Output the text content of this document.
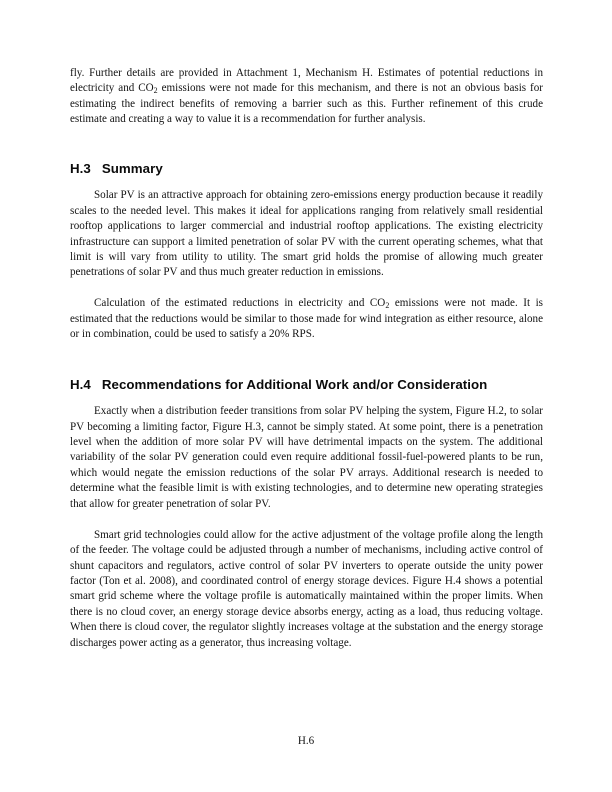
fly. Further details are provided in Attachment 1, Mechanism H. Estimates of potential reductions in electricity and $CO_2$ emissions were not made for this mechanism, and there is not an obvious basis for estimating the indirect benefits of removing a barrier such as this. Further refinement of this crude estimate and creating a way to value it is a recommendation for further analysis.

H.3 Summary

Solar PV is an attractive approach for obtaining zero-emissions energy production because it readily scales to the needed level. This makes it ideal for applications ranging from relatively small residential rooftop applications to larger commercial and industrial rooftop applications. The existing electricity infrastructure can support a limited penetration of solar PV with the current operating schemes, what that limit is will vary from utility to utility. The smart grid holds the promise of allowing much greater penetrations of solar PV and thus much greater reduction in emissions.

Calculation of the estimated reductions in electricity and $CO_2$ emissions were not made. It is estimated that the reductions would be similar to those made for wind integration as either resource, alone or in combination, could be used to satisfy a 20% RPS.

H.4 Recommendations for Additional Work and/or Consideration

Exactly when a distribution feeder transitions from solar PV helping the system, Figure H.2, to solar PV becoming a limiting factor, Figure H.3, cannot be simply stated. At some point, there is a penetration level when the addition of more solar PV will have detrimental impacts on the system. The additional variability of the solar PV generation could even require additional fossil-fuel-powered plants to be run, which would negate the emission reductions of the solar PV arrays. Additional research is needed to determine what the feasible limit is with existing technologies, and to determine new operating strategies that allow for greater penetration of solar PV.

Smart grid technologies could allow for the active adjustment of the voltage profile along the length of the feeder. The voltage could be adjusted through a number of mechanisms, including active control of shunt capacitors and regulators, active control of solar PV inverters to operate outside the unity power factor (Ton et al. 2008), and coordinated control of energy storage devices. Figure H.4 shows a potential smart grid scheme where the voltage profile is automatically maintained within the proper limits. When there is no cloud cover, an energy storage device absorbs energy, acting as a load, thus reducing voltage. When there is cloud cover, the regulator slightly increases voltage at the substation and the energy storage discharges power acting as a generator, thus increasing voltage.

H.6
